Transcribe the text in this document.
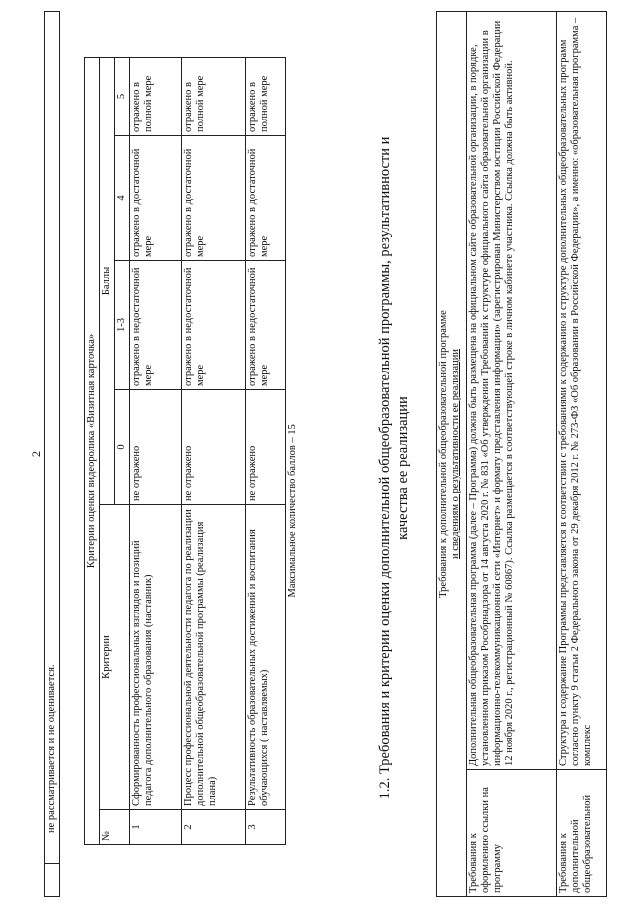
	не рассматривается и не оценивается.
2	Критерии оценки видеоролика «Визитная карточка»					
№	Критерии	Баллы			
		0	1-3	4	5
1	Сформированность профессиональных взглядов и позиций педагога дополнительного образования (наставник)	не отражено	отражено в недостаточной мере	отражено в достаточной мере	отражено в полной мере
2	Процесс профессиональной деятельности педагога по реализации дополнительной общеобразовательной программы (реализация плана)	не отражено	отражено в недостаточной мере	отражено в достаточной мере	отражено в полной мере
3	Результативность образовательных достижений и воспитания обучающихся ( наставляемых)	не отражено	отражено в недостаточной мере	отражено в достаточной мере	отражено в полной мере
	Максимальное количество баллов – 15					1.2. Требования и критерии оценки дополнительной общеобразовательной программы, результативности и качества ее реализации	Требования к дополнительной общеобразовательной программе и сведениям о результативности ее реализации	

Требования к оформлению ссылки на программу	Дополнительная общеобразовательная программа (далее – Программа) должна быть размещена на официальном сайте образовательной организации, в порядке, установленном приказом Рособрнадзора от 14 августа 2020 г. № 831 «Об утверждении Требований к структуре официального сайта образовательной организации в информационно-телекоммуникационной сети «Интернет» и формату представления информации» (зарегистрирован Министерством юстиции Российской Федерации 12 ноября 2020 г., регистрационный № 60867). Ссылка размещается в соответствующей строке в личном кабинете участника. Ссылка должна быть активной.
Требования к дополнительной общеобразовательной	Структура и содержание Программы представляется в соответствии с требованиями к содержанию и структуре дополнительных общеобразовательных программ согласно пункту 9 статьи 2 Федерального закона от 29 декабря 2012 г. № 273-ФЗ «Об образовании в Российской Федерации», а именно: «образовательная программа – комплекс
